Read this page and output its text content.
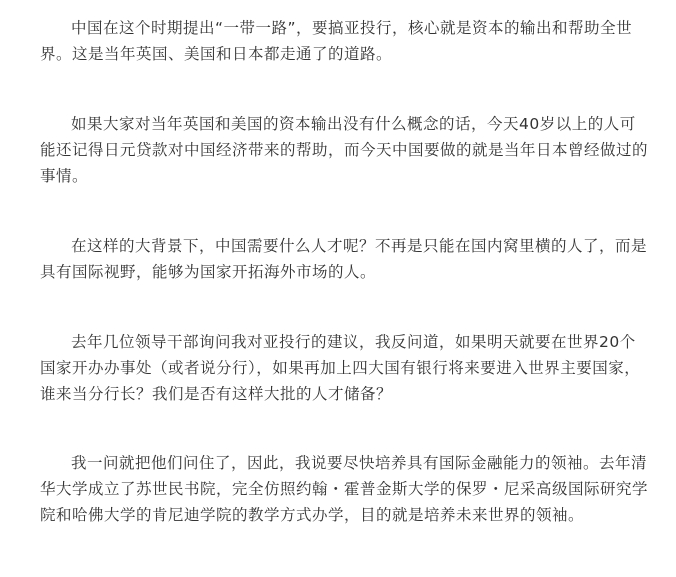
中国在这个时期提出“一带一路”，要搞亚投行，核心就是资本的输出和帮助全世界。这是当年英国、美国和日本都走通了的道路。

如果大家对当年英国和美国的资本输出没有什么概念的话，今天40岁以上的人可能还记得日元贷款对中国经济带来的帮助，而今天中国要做的就是当年日本曾经做过的事情。

在这样的大背景下，中国需要什么人才呢？不再是只能在国内窝里横的人了，而是具有国际视野，能够为国家开拓海外市场的人。

去年几位领导干部询问我对亚投行的建议，我反问道，如果明天就要在世界20个国家开办办事处（或者说分行），如果再加上四大国有银行将来要进入世界主要国家，谁来当分行长？我们是否有这样大批的人才储备？

我一问就把他们问住了，因此，我说要尽快培养具有国际金融能力的领袖。去年清华大学成立了苏世民书院，完全仿照约翰・霍普金斯大学的保罗・尼采高级国际研究学院和哈佛大学的肯尼迪学院的教学方式办学，目的就是培养未来世界的领袖。
